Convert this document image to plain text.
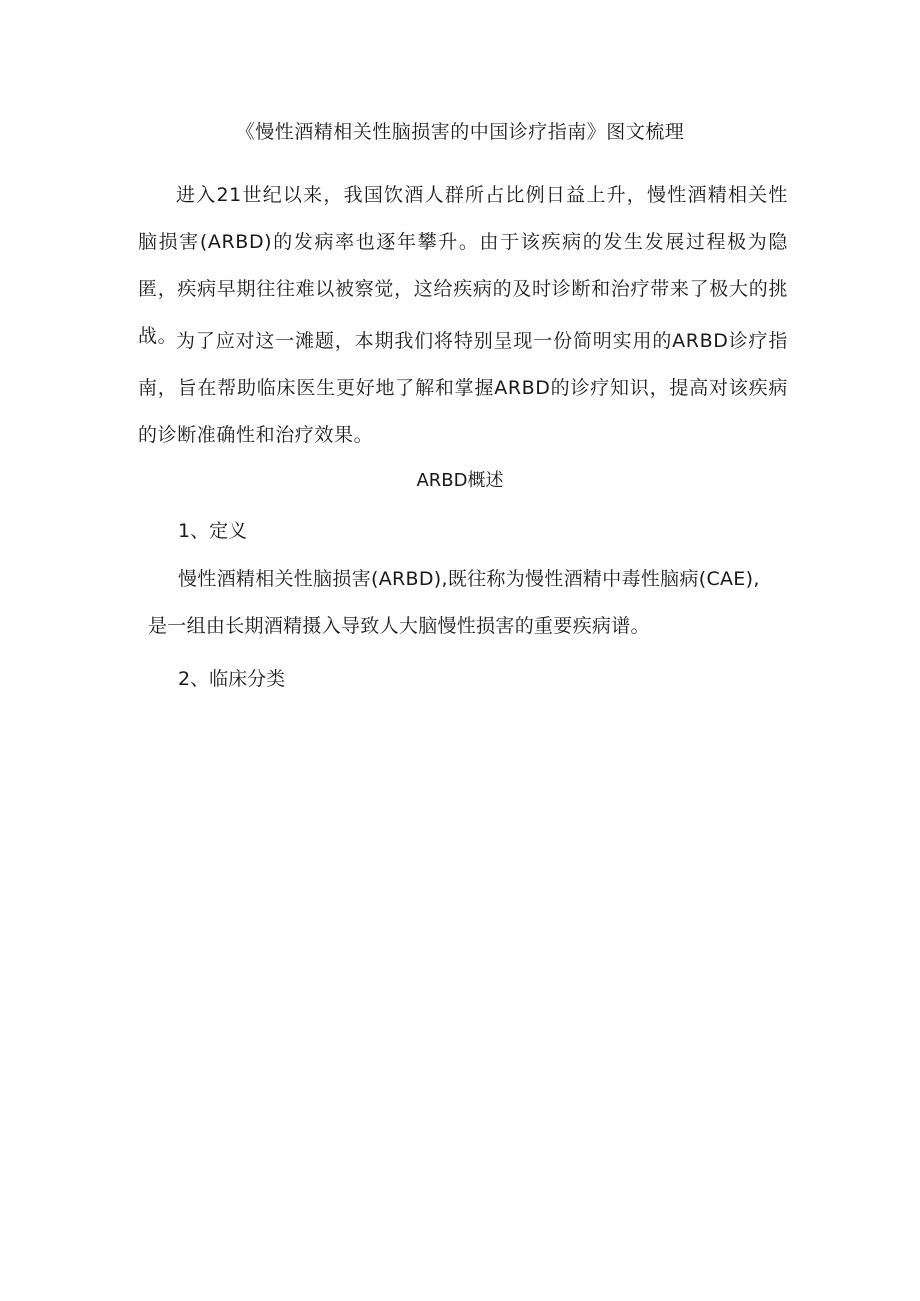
《慢性酒精相关性脑损害的中国诊疗指南》图文梳理

进入21世纪以来，我国饮酒人群所占比例日益上升，慢性酒精相关性脑损害(ARBD)的发病率也逐年攀升。由于该疾病的发生发展过程极为隐匿，疾病早期往往难以被察觉，这给疾病的及时诊断和治疗带来了极大的挑战。

为了应对这一滩题，本期我们将特别呈现一份简明实用的ARBD诊疗指南，旨在帮助临床医生更好地了解和掌握ARBD的诊疗知识，提高对该疾病的诊断准确性和治疗效果。

ARBD概述
1、定义

慢性酒精相关性脑损害(ARBD),既往称为慢性酒精中毒性脑病(CAE),

是一组由长期酒精摄入导致人大脑慢性损害的重要疾病谱。

2、临床分类
